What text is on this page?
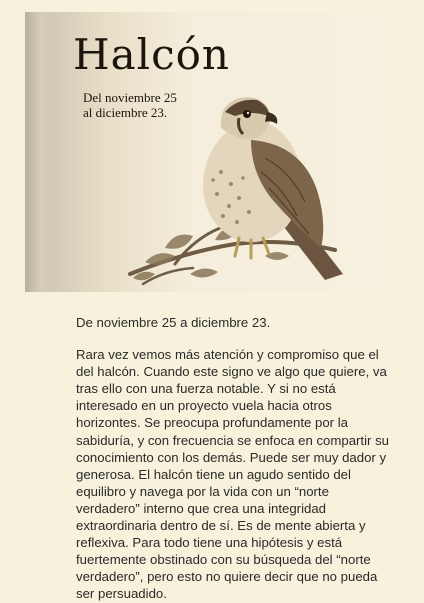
Halcón
Del noviembre 25
al diciembre 23.

De noviembre 25 a diciembre 23.

Rara vez vemos más atención y compromiso que el del halcón. Cuando este signo ve algo que quiere, va tras ello con una fuerza notable. Y si no está interesado en un proyecto vuela hacia otros horizontes. Se preocupa profundamente por la sabiduría, y con frecuencia se enfoca en compartir su conocimiento con los demás. Puede ser muy dador y generosa. El halcón tiene un agudo sentido del equilibro y navega por la vida con un “norte verdadero” interno que crea una integridad extraordinaria dentro de sí. Es de mente abierta y reflexiva. Para todo tiene una hipótesis y está fuertemente obstinado con su búsqueda del “norte verdadero”, pero esto no quiere decir que no pueda ser persuadido.
